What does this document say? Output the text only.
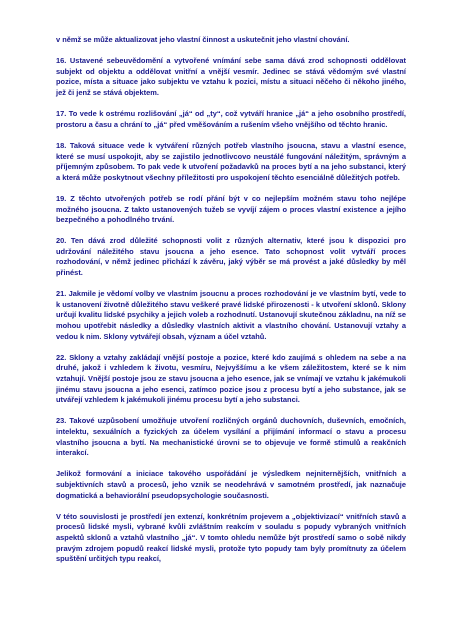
v němž se může aktualizovat jeho vlastní činnost a uskutečnit jeho vlastní chování.

16. Ustavené sebeuvědomění a vytvořené vnímání sebe sama dává zrod schopnosti oddělovat subjekt od objektu a oddělovat vnitřní a vnější vesmír. Jedinec se stává vědomým své vlastní pozice, místa a situace jako subjektu ve vztahu k pozici, místu a situaci něčeho či někoho jiného, jež či jenž se stává objektem.

17. To vede k ostrému rozlišování „já“ od „ty“, což vytváří hranice „já“ a jeho osobního prostředí, prostoru a času a chrání to „já“ před vměšováním a rušením všeho vnějšího od těchto hranic.

18. Taková situace vede k vytváření různých potřeb vlastního jsoucna, stavu a vlastní esence, které se musí uspokojit, aby se zajistilo jednotlivcovo neustálé fungování náležitým, správným a příjemným způsobem. To pak vede k utvoření požadavků na proces bytí a na jeho substanci, který a která může poskytnout všechny příležitosti pro uspokojení těchto esenciálně důležitých potřeb.

19. Z těchto utvořených potřeb se rodí přání být v co nejlepším možném stavu toho nejlépe možného jsoucna. Z takto ustanovených tužeb se vyvíjí zájem o proces vlastní existence a jejího bezpečného a pohodlného trvání.

20. Ten dává zrod důležité schopnosti volit z různých alternativ, které jsou k dispozici pro udržování náležitého stavu jsoucna a jeho esence. Tato schopnost volit vytváří proces rozhodování, v němž jedinec přichází k závěru, jaký výběr se má provést a jaké důsledky by měl přinést.

21. Jakmile je vědomí volby ve vlastním jsoucnu a proces rozhodování je ve vlastním bytí, vede to k ustanovení životně důležitého stavu veškeré pravé lidské přirozenosti - k utvoření sklonů. Sklony určují kvalitu lidské psychiky a jejich voleb a rozhodnutí. Ustanovují skutečnou základnu, na níž se mohou upotřebit následky a důsledky vlastních aktivit a vlastního chování. Ustanovují vztahy a vedou k nim. Sklony vytvářejí obsah, význam a účel vztahů.

22. Sklony a vztahy zakládají vnější postoje a pozice, které kdo zaujímá s ohledem na sebe a na druhé, jakož i vzhledem k životu, vesmíru, Nejvyššímu a ke všem záležitostem, které se k nim vztahují. Vnější postoje jsou ze stavu jsoucna a jeho esence, jak se vnímají ve vztahu k jakémukoli jinému stavu jsoucna a jeho esenci, zatímco pozice jsou z procesu bytí a jeho substance, jak se utvářejí vzhledem k jakémukoli jinému procesu bytí a jeho substanci.

23. Takové uzpůsobení umožňuje utvoření rozličných orgánů duchovních, duševních, emočních, intelektu, sexuálních a fyzických za účelem vysílání a přijímání informací o stavu a procesu vlastního jsoucna a bytí. Na mechanistické úrovni se to objevuje ve formě stimulů a reakčních interakcí.

Jelikož formování a iniciace takového uspořádání je výsledkem nejniternějších, vnitřních a subjektivních stavů a procesů, jeho vznik se neodehrává v samotném prostředí, jak naznačuje dogmatická a behaviorální pseudopsychologie současnosti.

V této souvislosti je prostředí jen extenzí, konkrétním projevem a „objektivizací“ vnitřních stavů a procesů lidské mysli, vybrané kvůli zvláštním reakcím v souladu s popudy vybraných vnitřních aspektů sklonů a vztahů vlastního „já“. V tomto ohledu nemůže být prostředí samo o sobě nikdy pravým zdrojem popudů reakcí lidské mysli, protože tyto popudy tam byly promítnuty za účelem spuštění určitých typu reakcí,
